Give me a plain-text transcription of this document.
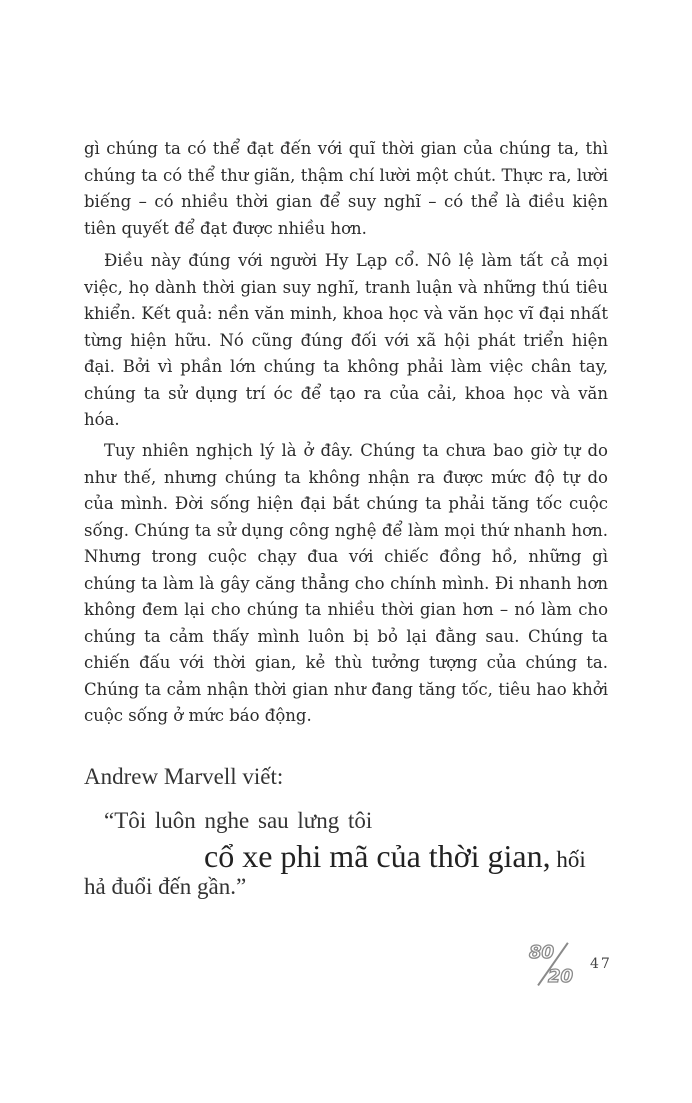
gì chúng ta có thể đạt đến với quĩ thời gian của chúng ta, thì chúng ta có thể thư giãn, thậm chí lười một chút. Thực ra, lười biếng – có nhiều thời gian để suy nghĩ – có thể là điều kiện tiên quyết để đạt được nhiều hơn.

Điều này đúng với người Hy Lạp cổ. Nô lệ làm tất cả mọi việc, họ dành thời gian suy nghĩ, tranh luận và những thú tiêu khiển. Kết quả: nền văn minh, khoa học và văn học vĩ đại nhất từng hiện hữu. Nó cũng đúng đối với xã hội phát triển hiện đại. Bởi vì phần lớn chúng ta không phải làm việc chân tay, chúng ta sử dụng trí óc để tạo ra của cải, khoa học và văn hóa.

Tuy nhiên nghịch lý là ở đây. Chúng ta chưa bao giờ tự do như thế, nhưng chúng ta không nhận ra được mức độ tự do của mình. Đời sống hiện đại bắt chúng ta phải tăng tốc cuộc sống. Chúng ta sử dụng công nghệ để làm mọi thứ nhanh hơn. Nhưng trong cuộc chạy đua với chiếc đồng hồ, những gì chúng ta làm là gây căng thẳng cho chính mình. Đi nhanh hơn không đem lại cho chúng ta nhiều thời gian hơn – nó làm cho chúng ta cảm thấy mình luôn bị bỏ lại đằng sau. Chúng ta chiến đấu với thời gian, kẻ thù tưởng tượng của chúng ta. Chúng ta cảm nhận thời gian như đang tăng tốc, tiêu hao khởi cuộc sống ở mức báo động.

Andrew Marvell viết:

“Tôi luôn nghe sau lưng tôi

cổ xe phi mã của thời gian, hối

hả đuổi đến gần.”

80
20
47
